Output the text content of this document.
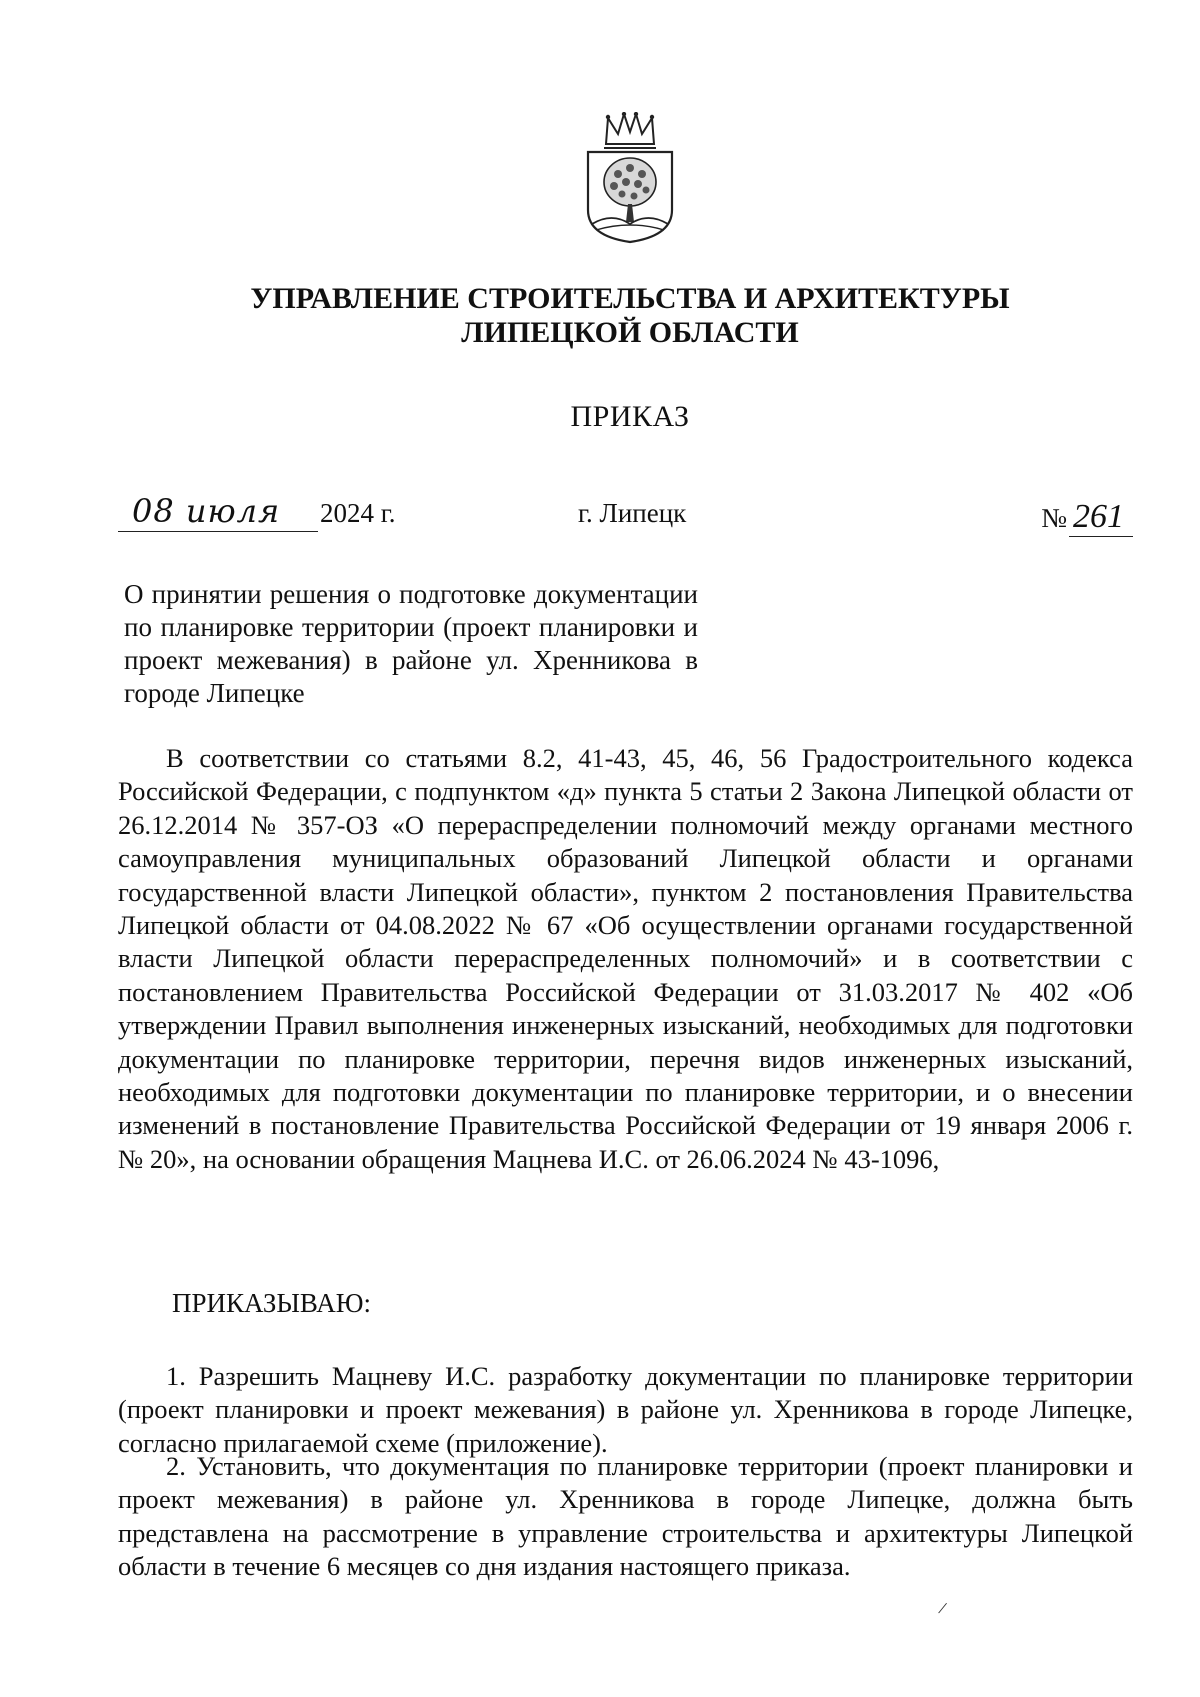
УПРАВЛЕНИЕ СТРОИТЕЛЬСТВА И АРХИТЕКТУРЫ
ЛИПЕЦКОЙ ОБЛАСТИ
ПРИКАЗ
08 июля	2024 г.	г. Липецк	№ 261
О принятии решения о подготовке документации по планировке территории (проект планировки и проект межевания) в районе ул. Хренникова в городе Липецке
В соответствии со статьями 8.2, 41-43, 45, 46, 56 Градостроительного кодекса Российской Федерации, с подпунктом «д» пункта 5 статьи 2 Закона Липецкой области от 26.12.2014 № 357-ОЗ «О перераспределении полномочий между органами местного самоуправления муниципальных образований Липецкой области и органами государственной власти Липецкой области», пунктом 2 постановления Правительства Липецкой области от 04.08.2022 № 67 «Об осуществлении органами государственной власти Липецкой области перераспределенных полномочий» и в соответствии с постановлением Правительства Российской Федерации от 31.03.2017 № 402 «Об утверждении Правил выполнения инженерных изысканий, необходимых для подготовки документации по планировке территории, перечня видов инженерных изысканий, необходимых для подготовки документации по планировке территории, и о внесении изменений в постановление Правительства Российской Федерации от 19 января 2006 г. № 20», на основании обращения Мацнева И.С. от 26.06.2024 № 43-1096,
ПРИКАЗЫВАЮ:
1. Разрешить Мацневу И.С. разработку документации по планировке территории (проект планировки и проект межевания) в районе ул. Хренникова в городе Липецке, согласно прилагаемой схеме (приложение).
2. Установить, что документация по планировке территории (проект планировки и проект межевания) в районе ул. Хренникова в городе Липецке, должна быть представлена на рассмотрение в управление строительства и архитектуры Липецкой области в течение 6 месяцев со дня издания настоящего приказа.
/
